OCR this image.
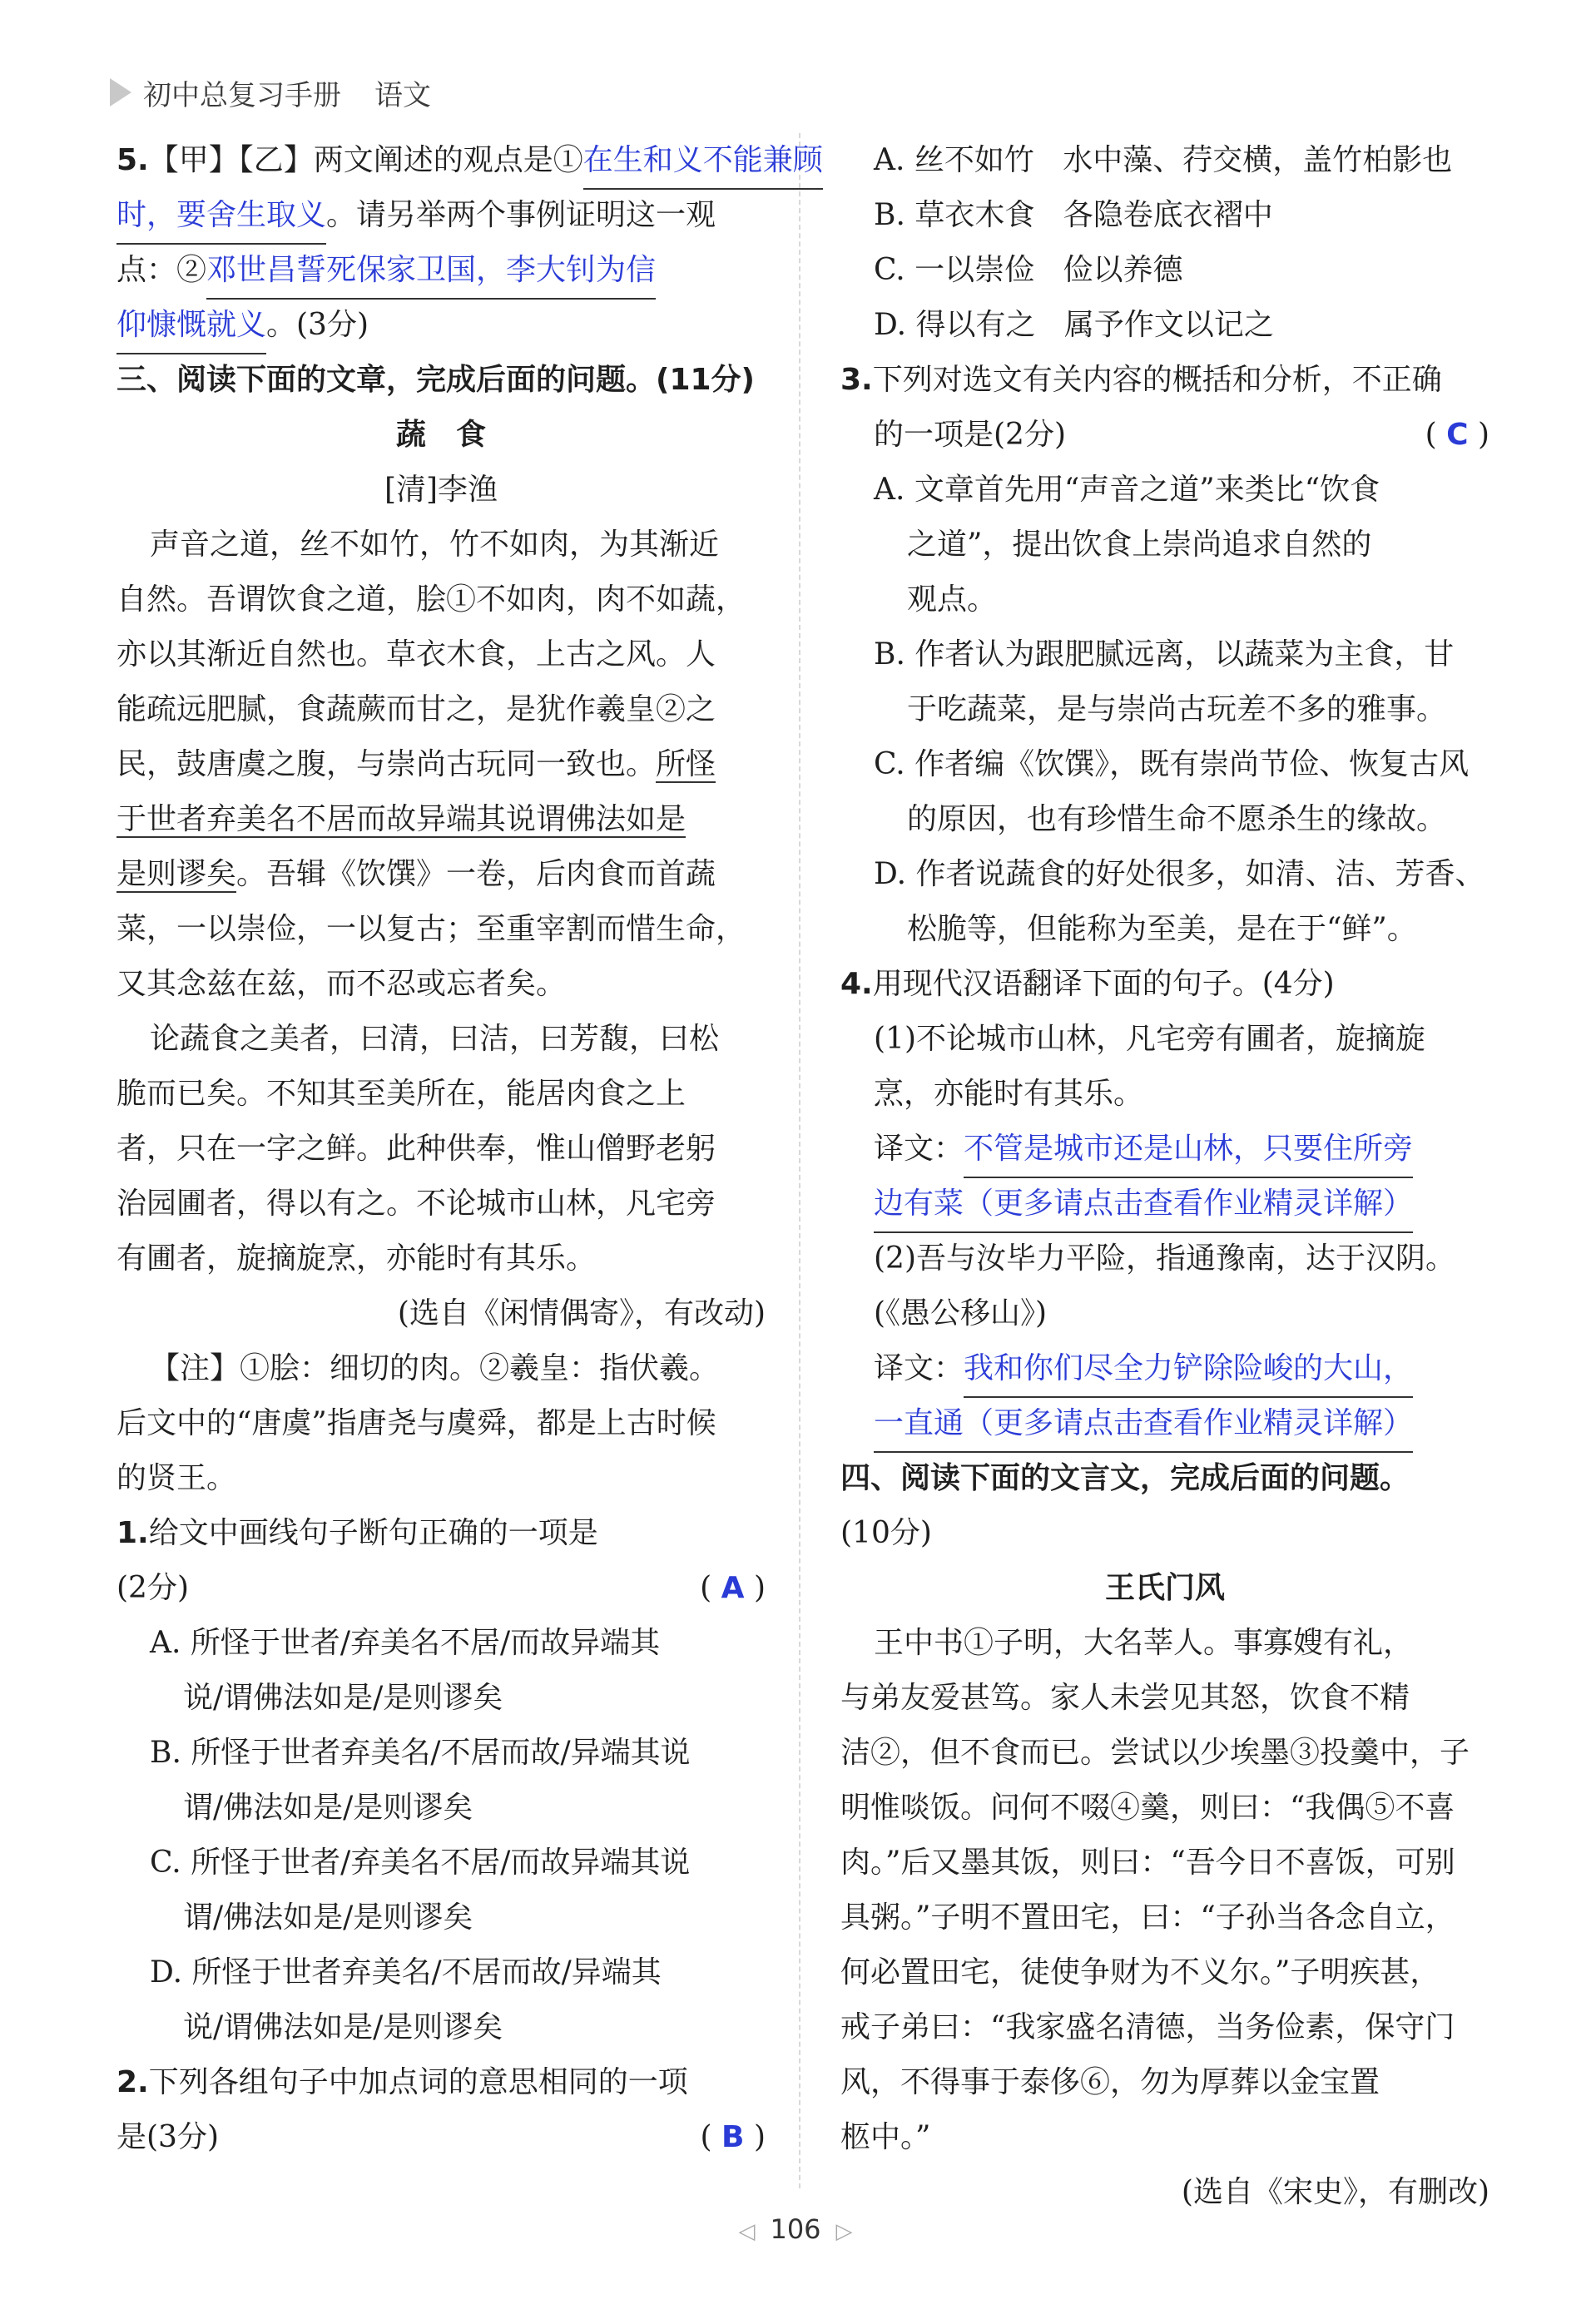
初中总复习手册 语文
5.【甲】【乙】两文阐述的观点是①在生和义不能兼顾
时，要舍生取义。请另举两个事例证明这一观
点：②邓世昌誓死保家卫国，李大钊为信
仰慷慨就义。(3分)
三、阅读下面的文章，完成后面的问题。(11分)
蔬　食
[清]李渔
声音之道，丝不如竹，竹不如肉，为其渐近
自然。吾谓饮食之道，脍①不如肉，肉不如蔬，
亦以其渐近自然也。草衣木食，上古之风。人
能疏远肥腻，食蔬蕨而甘之，是犹作羲皇②之
民，鼓唐虞之腹，与崇尚古玩同一致也。所怪
于世者弃美名不居而故异端其说谓佛法如是
是则谬矣。吾辑《饮馔》一卷，后肉食而首蔬
菜，一以崇俭，一以复古；至重宰割而惜生命，
又其念兹在兹，而不忍或忘者矣。
论蔬食之美者，曰清，曰洁，曰芳馥，曰松
脆而已矣。不知其至美所在，能居肉食之上
者，只在一字之鲜。此种供奉，惟山僧野老躬
治园圃者，得以有之。不论城市山林，凡宅旁
有圃者，旋摘旋烹，亦能时有其乐。
(选自《闲情偶寄》，有改动)
【注】①脍：细切的肉。②羲皇：指伏羲。
后文中的“唐虞”指唐尧与虞舜，都是上古时候
的贤王。
1.给文中画线句子断句正确的一项是
(2分)	( A )
A. 所怪于世者/弃美名不居/而故异端其
说/谓佛法如是/是则谬矣
B. 所怪于世者弃美名/不居而故/异端其说
谓/佛法如是/是则谬矣
C. 所怪于世者/弃美名不居/而故异端其说
谓/佛法如是/是则谬矣
D. 所怪于世者弃美名/不居而故/异端其
说/谓佛法如是/是则谬矣
2.下列各组句子中加点词的意思相同的一项
是(3分)	( B )
A. 丝不如竹 水中藻、荇交横，盖竹柏影也
B. 草衣木食 各隐卷底衣褶中
C. 一以崇俭 俭以养德
D. 得以有之 属予作文以记之
3.下列对选文有关内容的概括和分析，不正确
的一项是(2分)	( C )
A. 文章首先用“声音之道”来类比“饮食
之道”，提出饮食上崇尚追求自然的
观点。
B. 作者认为跟肥腻远离，以蔬菜为主食，甘
于吃蔬菜，是与崇尚古玩差不多的雅事。
C. 作者编《饮馔》，既有崇尚节俭、恢复古风
的原因，也有珍惜生命不愿杀生的缘故。
D. 作者说蔬食的好处很多，如清、洁、芳香、
松脆等，但能称为至美，是在于“鲜”。
4.用现代汉语翻译下面的句子。(4分)
(1)不论城市山林，凡宅旁有圃者，旋摘旋
烹，亦能时有其乐。
译文：不管是城市还是山林，只要住所旁
边有菜（更多请点击查看作业精灵详解）
(2)吾与汝毕力平险，指通豫南，达于汉阴。
(《愚公移山》)
译文：我和你们尽全力铲除险峻的大山，
一直通（更多请点击查看作业精灵详解）
四、阅读下面的文言文，完成后面的问题。
(10分)
王氏门风
王中书①子明，大名莘人。事寡嫂有礼，
与弟友爱甚笃。家人未尝见其怒，饮食不精
洁②，但不食而已。尝试以少埃墨③投羹中，子
明惟啖饭。问何不啜④羹，则曰：“我偶⑤不喜
肉。”后又墨其饭，则曰：“吾今日不喜饭，可别
具粥。”子明不置田宅，曰：“子孙当各念自立，
何必置田宅，徒使争财为不义尔。”子明疾甚，
戒子弟曰：“我家盛名清德，当务俭素，保守门
风，不得事于泰侈⑥，勿为厚葬以金宝置
柩中。”
(选自《宋史》，有删改)
◁ 106 ▷
